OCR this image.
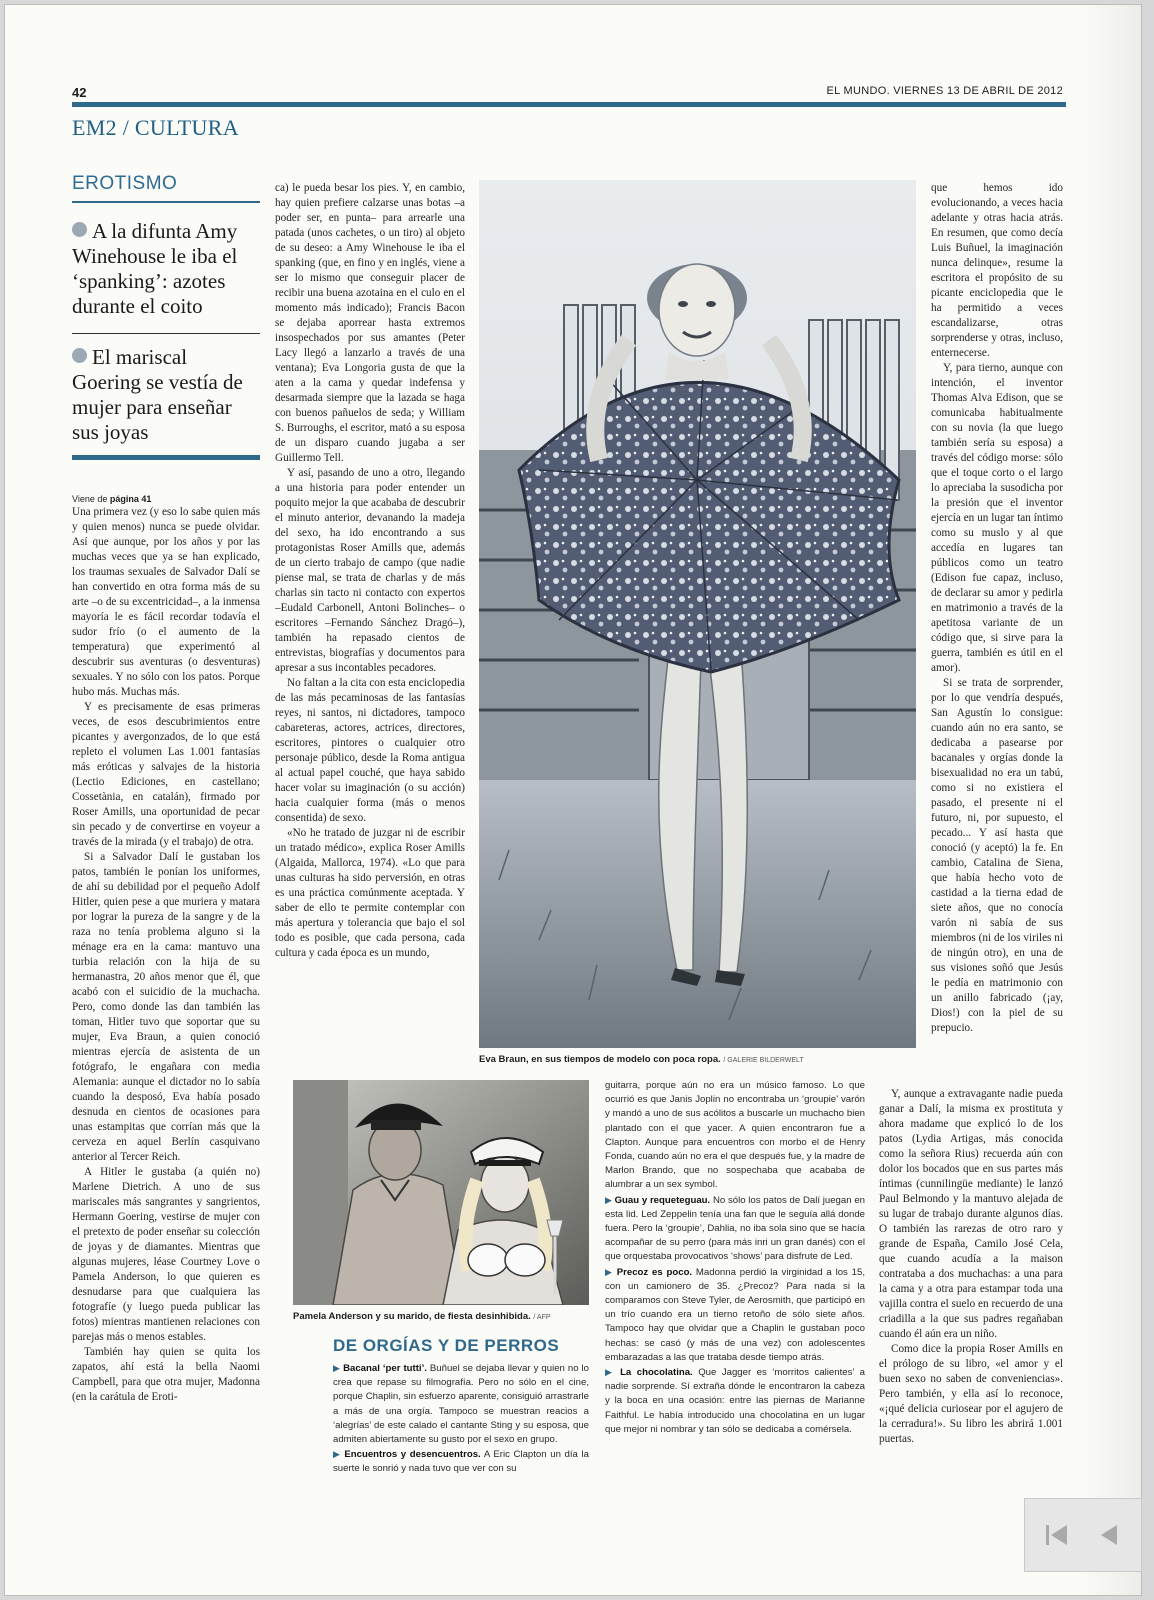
42	EL MUNDO. VIERNES 13 DE ABRIL DE 2012
EM2 / CULTURA
EROTISMO
A la difunta Amy Winehouse le iba el ‘spanking’: azotes durante el coito
El mariscal Goering se vestía de mujer para enseñar sus joyas
Viene de página 41

Una primera vez (y eso lo sabe quien más y quien menos) nunca se puede olvidar. Así que aunque, por los años y por las muchas veces que ya se han explicado, los traumas sexuales de Salvador Dalí se han convertido en otra forma más de su arte –o de su excentricidad–, a la inmensa mayoría le es fácil recordar todavía el sudor frío (o el aumento de la temperatura) que experimentó al descubrir sus aventuras (o desventuras) sexuales. Y no sólo con los patos. Porque hubo más. Muchas más.

Y es precisamente de esas primeras veces, de esos descubrimientos entre picantes y avergonzados, de lo que está repleto el volumen Las 1.001 fantasías más eróticas y salvajes de la historia (Lectio Ediciones, en castellano; Cossetània, en catalán), firmado por Roser Amills, una oportunidad de pecar sin pecado y de convertirse en voyeur a través de la mirada (y el trabajo) de otra.

Si a Salvador Dalí le gustaban los patos, también le ponían los uniformes, de ahí su debilidad por el pequeño Adolf Hitler, quien pese a que muriera y matara por lograr la pureza de la sangre y de la raza no tenía problema alguno si la ménage era en la cama: mantuvo una turbia relación con la hija de su hermanastra, 20 años menor que él, que acabó con el suicidio de la muchacha. Pero, como donde las dan también las toman, Hitler tuvo que soportar que su mujer, Eva Braun, a quien conoció mientras ejercía de asistenta de un fotógrafo, le engañara con media Alemania: aunque el dictador no lo sabía cuando la desposó, Eva había posado desnuda en cientos de ocasiones para unas estampitas que corrían más que la cerveza en aquel Berlín casquivano anterior al Tercer Reich.

A Hitler le gustaba (a quién no) Marlene Dietrich. A uno de sus mariscales más sangrantes y sangrientos, Hermann Goering, vestirse de mujer con el pretexto de poder enseñar su colección de joyas y de diamantes. Mientras que algunas mujeres, léase Courtney Love o Pamela Anderson, lo que quieren es desnudarse para que cualquiera las fotografíe (y luego pueda publicar las fotos) mientras mantienen relaciones con parejas más o menos estables.

También hay quien se quita los zapatos, ahí está la bella Naomi Campbell, para que otra mujer, Madonna (en la carátula de Eroti-

ca) le pueda besar los pies. Y, en cambio, hay quien prefiere calzarse unas botas –a poder ser, en punta– para arrearle una patada (unos cachetes, o un tiro) al objeto de su deseo: a Amy Winehouse le iba el spanking (que, en fino y en inglés, viene a ser lo mismo que conseguir placer de recibir una buena azotaina en el culo en el momento más indicado); Francis Bacon se dejaba aporrear hasta extremos insospechados por sus amantes (Peter Lacy llegó a lanzarlo a través de una ventana); Eva Longoria gusta de que la aten a la cama y quedar indefensa y desarmada siempre que la lazada se haga con buenos pañuelos de seda; y William S. Burroughs, el escritor, mató a su esposa de un disparo cuando jugaba a ser Guillermo Tell.

Y así, pasando de uno a otro, llegando a una historia para poder entender un poquito mejor la que acababa de descubrir el minuto anterior, devanando la madeja del sexo, ha ido encontrando a sus protagonistas Roser Amills que, además de un cierto trabajo de campo (que nadie piense mal, se trata de charlas y de más charlas sin tacto ni contacto con expertos –Eudald Carbonell, Antoni Bolinches– o escritores –Fernando Sánchez Dragó–), también ha repasado cientos de entrevistas, biografías y documentos para apresar a sus incontables pecadores.

No faltan a la cita con esta enciclopedia de las más pecaminosas de las fantasías reyes, ni santos, ni dictadores, tampoco cabareteras, actores, actrices, directores, escritores, pintores o cualquier otro personaje público, desde la Roma antigua al actual papel couché, que haya sabido hacer volar su imaginación (o su acción) hacia cualquier forma (más o menos consentida) de sexo.

«No he tratado de juzgar ni de escribir un tratado médico», explica Roser Amills (Algaida, Mallorca, 1974). «Lo que para unas culturas ha sido perversión, en otras es una práctica comúnmente aceptada. Y saber de ello te permite contemplar con más apertura y tolerancia que bajo el sol todo es posible, que cada persona, cada cultura y cada época es un mundo,

Eva Braun, en sus tiempos de modelo con poca ropa. / GALERIE BILDERWELT

que hemos ido evolucionando, a veces hacia adelante y otras hacia atrás. En resumen, que como decía Luis Buñuel, la imaginación nunca delinque», resume la escritora el propósito de su picante enciclopedia que le ha permitido a veces escandalizarse, otras sorprenderse y otras, incluso, enternecerse.

Y, para tierno, aunque con intención, el inventor Thomas Alva Edison, que se comunicaba habitualmente con su novia (la que luego también sería su esposa) a través del código morse: sólo que el toque corto o el largo lo apreciaba la susodicha por la presión que el inventor ejercía en un lugar tan íntimo como su muslo y al que accedía en lugares tan públicos como un teatro (Edison fue capaz, incluso, de declarar su amor y pedirla en matrimonio a través de la apetitosa variante de un código que, si sirve para la guerra, también es útil en el amor).

Si se trata de sorprender, por lo que vendría después, San Agustín lo consigue: cuando aún no era santo, se dedicaba a pasearse por bacanales y orgías donde la bisexualidad no era un tabú, como si no existiera el pasado, el presente ni el futuro, ni, por supuesto, el pecado... Y así hasta que conoció (y aceptó) la fe. En cambio, Catalina de Siena, que había hecho voto de castidad a la tierna edad de siete años, que no conocía varón ni sabía de sus miembros (ni de los viriles ni de ningún otro), en una de sus visiones soñó que Jesús le pedía en matrimonio con un anillo fabricado (¡ay, Dios!) con la piel de su prepucio.

Y, aunque a extravagante nadie pueda ganar a Dalí, la misma ex prostituta y ahora madame que explicó lo de los patos (Lydia Artigas, más conocida como la señora Rius) recuerda aún con dolor los bocados que en sus partes más íntimas (cunnilingüe mediante) le lanzó Paul Belmondo y la mantuvo alejada de su lugar de trabajo durante algunos días. O también las rarezas de otro raro y grande de España, Camilo José Cela, que cuando acudía a la maison contrataba a dos muchachas: a una para la cama y a otra para estampar toda una vajilla contra el suelo en recuerdo de una criadilla a la que sus padres regañaban cuando él aún era un niño.

Como dice la propia Roser Amills en el prólogo de su libro, «el amor y el buen sexo no saben de conveniencias». Pero también, y ella así lo reconoce, «¡qué delicia curiosear por el agujero de la cerradura!». Su libro les abrirá 1.001 puertas.

Pamela Anderson y su marido, de fiesta desinhibida. / AFP
DE ORGÍAS Y DE PERROS
▶ Bacanal ‘per tutti’. Buñuel se dejaba llevar y quien no lo crea que repase su filmografía. Pero no sólo en el cine, porque Chaplin, sin esfuerzo aparente, consiguió arrastrarle a más de una orgía. Tampoco se muestran reacios a ‘alegrías’ de este calado el cantante Sting y su esposa, que admiten abiertamente su gusto por el sexo en grupo.
▶ Encuentros y desencuentros. A Eric Clapton un día la suerte le sonrió y nada tuvo que ver con su
guitarra, porque aún no era un músico famoso. Lo que ocurrió es que Janis Joplin no encontraba un ‘groupie’ varón y mandó a uno de sus acólitos a buscarle un muchacho bien plantado con el que yacer. A quien encontraron fue a Clapton. Aunque para encuentros con morbo el de Henry Fonda, cuando aún no era el que después fue, y la madre de Marlon Brando, que no sospechaba que acababa de alumbrar a un sex symbol.
▶ Guau y requeteguau. No sólo los patos de Dalí juegan en esta lid. Led Zeppelin tenía una fan que le seguía allá donde fuera. Pero la ‘groupie’, Dahlia, no iba sola sino que se hacía acompañar de su perro (para más inri un gran danés) con el que orquestaba provocativos ‘shows’ para disfrute de Led.
▶ Precoz es poco. Madonna perdió la virginidad a los 15, con un camionero de 35. ¿Precoz? Para nada si la comparamos con Steve Tyler, de Aerosmith, que participó en un trío cuando era un tierno retoño de sólo siete años. Tampoco hay que olvidar que a Chaplin le gustaban poco hechas: se casó (y más de una vez) con adolescentes embarazadas a las que trataba desde tiempo atrás.
▶ La chocolatina. Que Jagger es ‘morritos calientes’ a nadie sorprende. Sí extraña dónde le encontraron la cabeza y la boca en una ocasión: entre las piernas de Marianne Faithful. Le había introducido una chocolatina en un lugar que mejor ni nombrar y tan sólo se dedicaba a comérsela.
